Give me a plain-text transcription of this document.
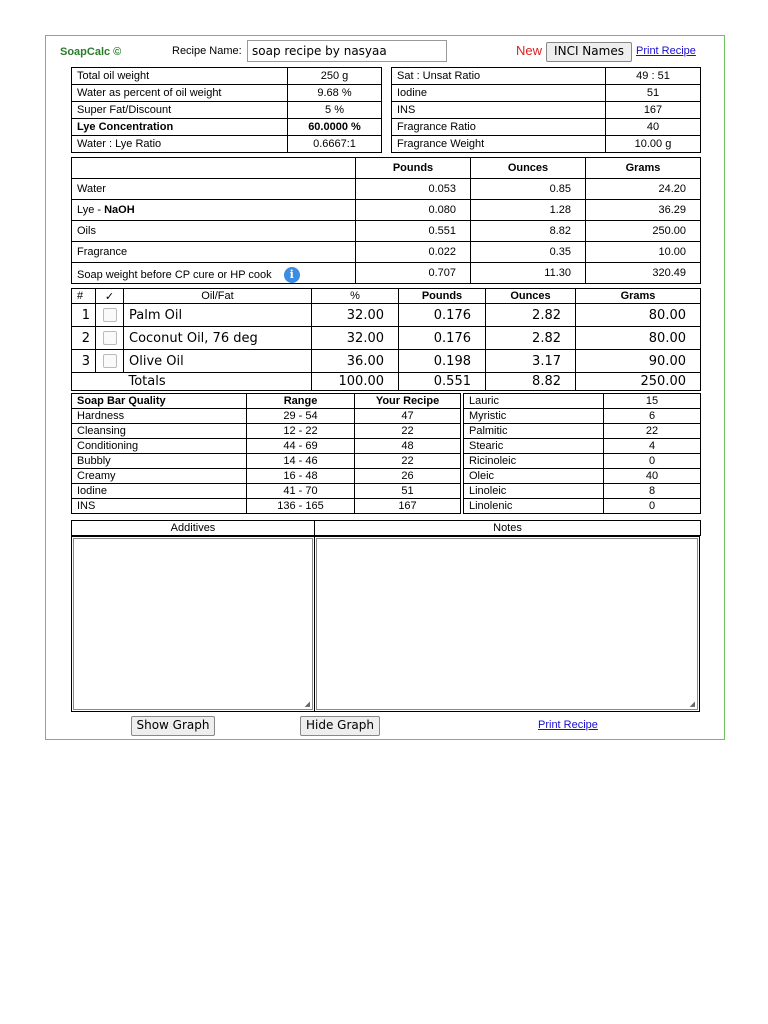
SoapCalc ©	Recipe Name:
soap recipe by nasyaa	New	INCI Names	Print Recipe
Total oil weight	250 g
Water as percent of oil weight	9.68 %
Super Fat/Discount	5 %
Lye Concentration	60.0000 %
Water : Lye Ratio	0.6667:1
Sat : Unsat Ratio	49 : 51
Iodine	51
INS	167
Fragrance Ratio	40
Fragrance Weight	10.00 g
	Pounds	Ounces	Grams
Water	0.053	0.85	24.20
Lye - NaOH	0.080	1.28	36.29
Oils	0.551	8.82	250.00
Fragrance	0.022	0.35	10.00
Soap weight before CP cure or HP cook i	0.707	11.30	320.49
#	✓	Oil/Fat	%	Pounds	Ounces	Grams
1		Palm Oil	32.00	0.176	2.82	80.00
2		Coconut Oil, 76 deg	32.00	0.176	2.82	80.00
3		Olive Oil	36.00	0.198	3.17	90.00
		Totals	100.00	0.551	8.82	250.00
Soap Bar Quality	Range	Your Recipe
Hardness	29 - 54	47
Cleansing	12 - 22	22
Conditioning	44 - 69	48
Bubbly	14 - 46	22
Creamy	16 - 48	26
Iodine	41 - 70	51
INS	136 - 165	167
Lauric	15
Myristic	6
Palmitic	22
Stearic	4
Ricinoleic	0
Oleic	40
Linoleic	8
Linolenic	0
Additives	Notes
◢	◢
Show Graph	Hide Graph	Print Recipe
